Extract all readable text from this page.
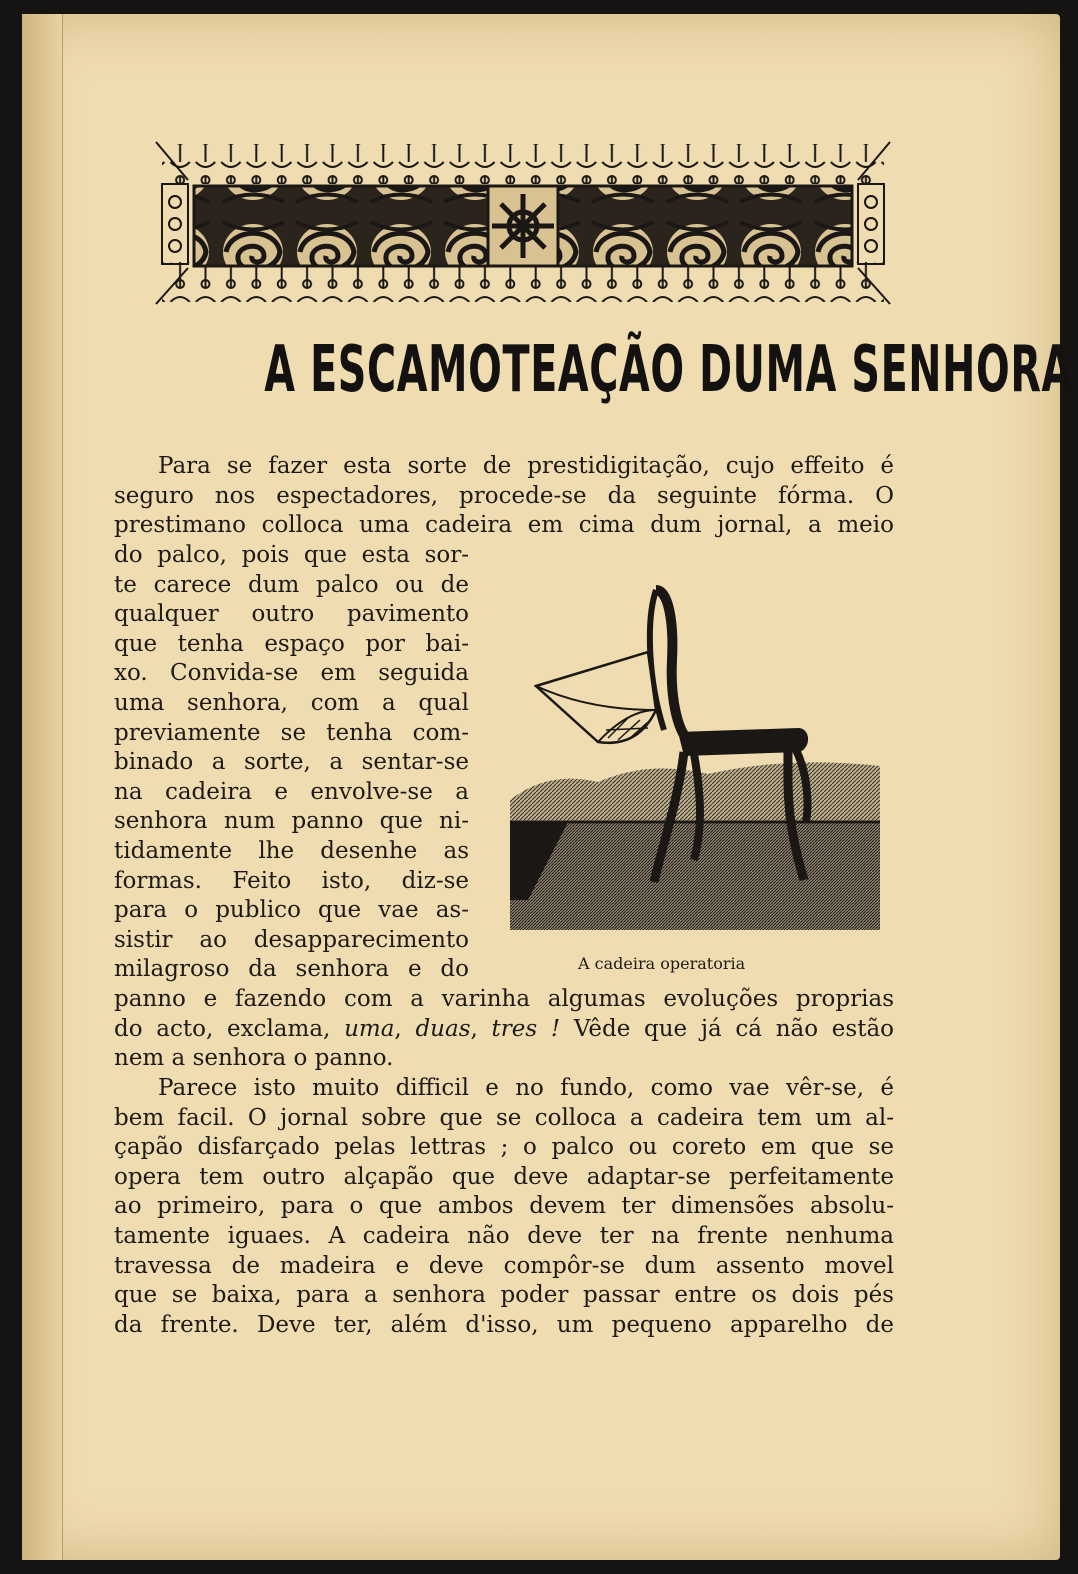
A ESCAMOTEAÇÃO DUMA SENHORA
Para se fazer esta sorte de prestidigitação, cujo effeito é
seguro nos espectadores, procede-se da seguinte fórma. O
prestimano colloca uma cadeira em cima dum jornal, a meio
do palco, pois que esta sor-
te carece dum palco ou de
qualquer outro pavimento
que tenha espaço por bai-
xo. Convida-se em seguida
uma senhora, com a qual
previamente se tenha com-
binado a sorte, a sentar-se
na cadeira e envolve-se a
senhora num panno que ni-
tidamente lhe desenhe as
formas. Feito isto, diz-se
para o publico que vae as-
sistir ao desapparecimento
milagroso da senhora e do	A cadeira operatoria
panno e fazendo com a varinha algumas evoluções proprias
do acto, exclama, uma, duas, tres ! Vêde que já cá não estão
nem a senhora o panno.
Parece isto muito difficil e no fundo, como vae vêr-se, é
bem facil. O jornal sobre que se colloca a cadeira tem um al-
çapão disfarçado pelas lettras ; o palco ou coreto em que se
opera tem outro alçapão que deve adaptar-se perfeitamente
ao primeiro, para o que ambos devem ter dimensões absolu-
tamente iguaes. A cadeira não deve ter na frente nenhuma
travessa de madeira e deve compôr-se dum assento movel
que se baixa, para a senhora poder passar entre os dois pés
da frente. Deve ter, além d'isso, um pequeno apparelho de
